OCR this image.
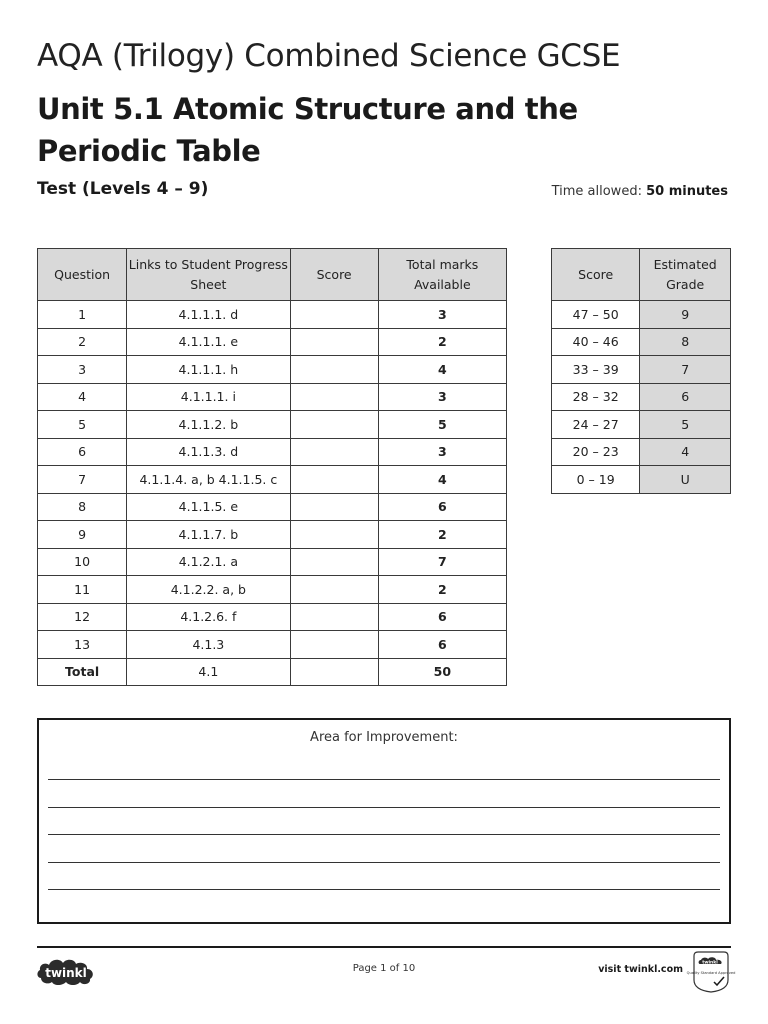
AQA (Trilogy) Combined Science GCSE
Unit 5.1 Atomic Structure and the Periodic Table
Test (Levels 4 – 9)	Time allowed: 50 minutes
Question	Links to Student Progress Sheet	Score	Total marks Available
1	4.1.1.1. d		3
2	4.1.1.1. e		2
3	4.1.1.1. h		4
4	4.1.1.1. i		3
5	4.1.1.2. b		5
6	4.1.1.3. d		3
7	4.1.1.4. a, b 4.1.1.5. c		4
8	4.1.1.5. e		6
9	4.1.1.7. b		2
10	4.1.2.1. a		7
11	4.1.2.2. a, b		2
12	4.1.2.6. f		6
13	4.1.3		6
Total	4.1		50
Score	Estimated Grade
47 – 50	9
40 – 46	8
33 – 39	7
28 – 32	6
24 – 27	5
20 – 23	4
0 – 19	U
Area for Improvement:
twinkl	Page 1 of 10	visit twinkl.com
twinkl
Quality Standard Approved
